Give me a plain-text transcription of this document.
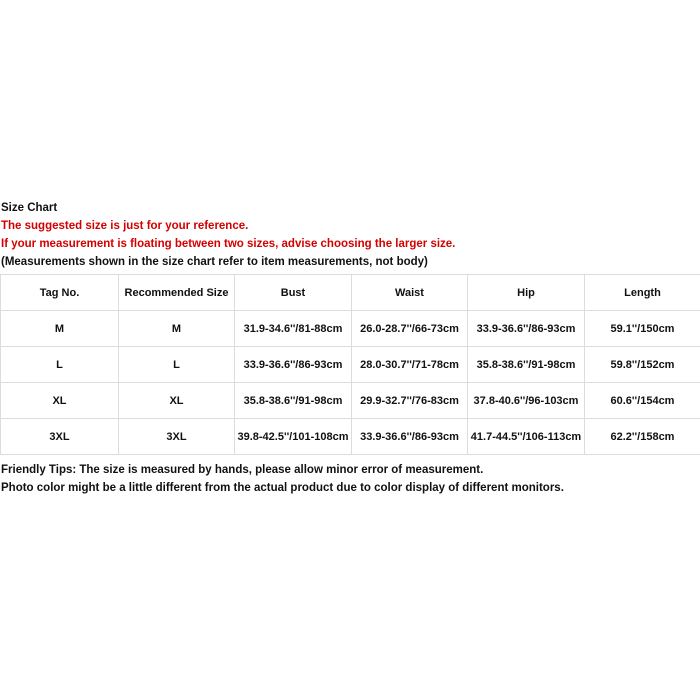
Size Chart
The suggested size is just for your reference.
If your measurement is floating between two sizes, advise choosing the larger size.
(Measurements shown in the size chart refer to item measurements, not body)
Tag No.	Recommended Size	Bust	Waist	Hip	Length
M	M	31.9-34.6''/81-88cm	26.0-28.7''/66-73cm	33.9-36.6''/86-93cm	59.1''/150cm
L	L	33.9-36.6''/86-93cm	28.0-30.7''/71-78cm	35.8-38.6''/91-98cm	59.8''/152cm
XL	XL	35.8-38.6''/91-98cm	29.9-32.7''/76-83cm	37.8-40.6''/96-103cm	60.6''/154cm
3XL	3XL	39.8-42.5''/101-108cm	33.9-36.6''/86-93cm	41.7-44.5''/106-113cm	62.2''/158cm
Friendly Tips: The size is measured by hands, please allow minor error of measurement.
Photo color might be a little different from the actual product due to color display of different monitors.
